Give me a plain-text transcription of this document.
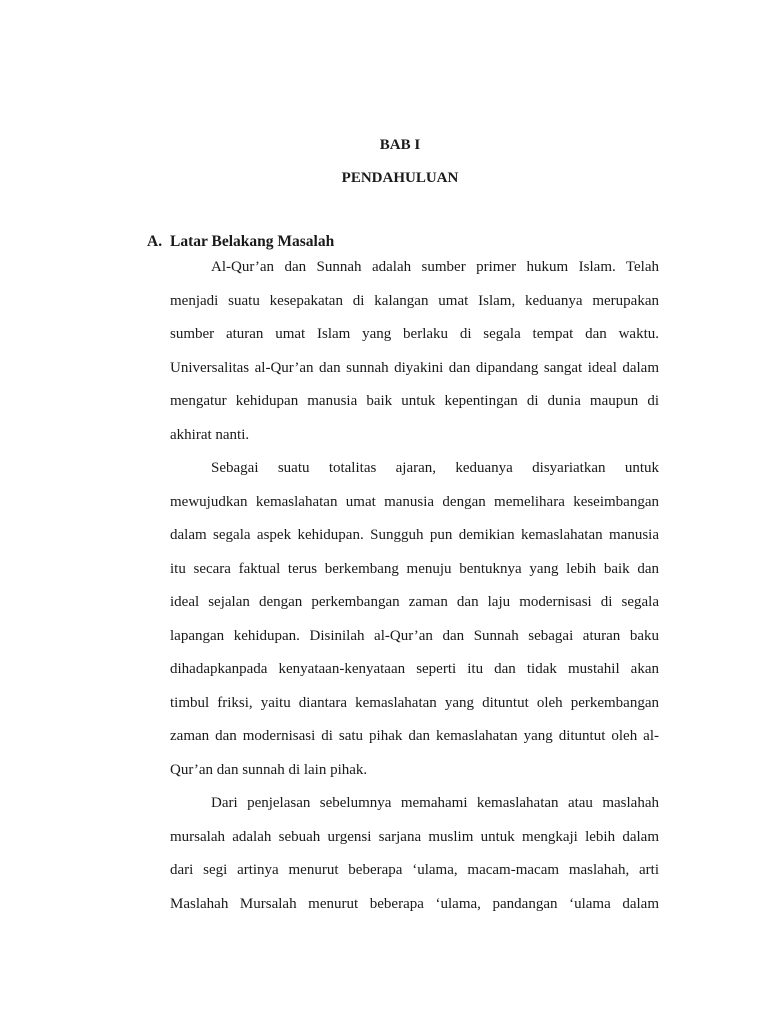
BAB I
PENDAHULUAN
A. Latar Belakang Masalah
Al-Qur’an dan Sunnah adalah sumber primer hukum Islam. Telah
menjadi suatu kesepakatan di kalangan umat Islam, keduanya merupakan
sumber aturan umat Islam yang berlaku di segala tempat dan waktu.
Universalitas al-Qur’an dan sunnah diyakini dan dipandang sangat ideal dalam
mengatur kehidupan manusia baik untuk kepentingan di dunia maupun di
akhirat nanti.
Sebagai suatu totalitas ajaran, keduanya disyariatkan untuk
mewujudkan kemaslahatan umat manusia dengan memelihara keseimbangan
dalam segala aspek kehidupan. Sungguh pun demikian kemaslahatan manusia
itu secara faktual terus berkembang menuju bentuknya yang lebih baik dan
ideal sejalan dengan perkembangan zaman dan laju modernisasi di segala
lapangan kehidupan. Disinilah al-Qur’an dan Sunnah sebagai aturan baku
dihadapkanpada kenyataan-kenyataan seperti itu dan tidak mustahil akan
timbul friksi, yaitu diantara kemaslahatan yang dituntut oleh perkembangan
zaman dan modernisasi di satu pihak dan kemaslahatan yang dituntut oleh al-
Qur’an dan sunnah di lain pihak.
Dari penjelasan sebelumnya memahami kemaslahatan atau maslahah
mursalah adalah sebuah urgensi sarjana muslim untuk mengkaji lebih dalam
dari segi artinya menurut beberapa ‘ulama, macam-macam maslahah, arti
Maslahah Mursalah menurut beberapa ‘ulama, pandangan ‘ulama dalam
